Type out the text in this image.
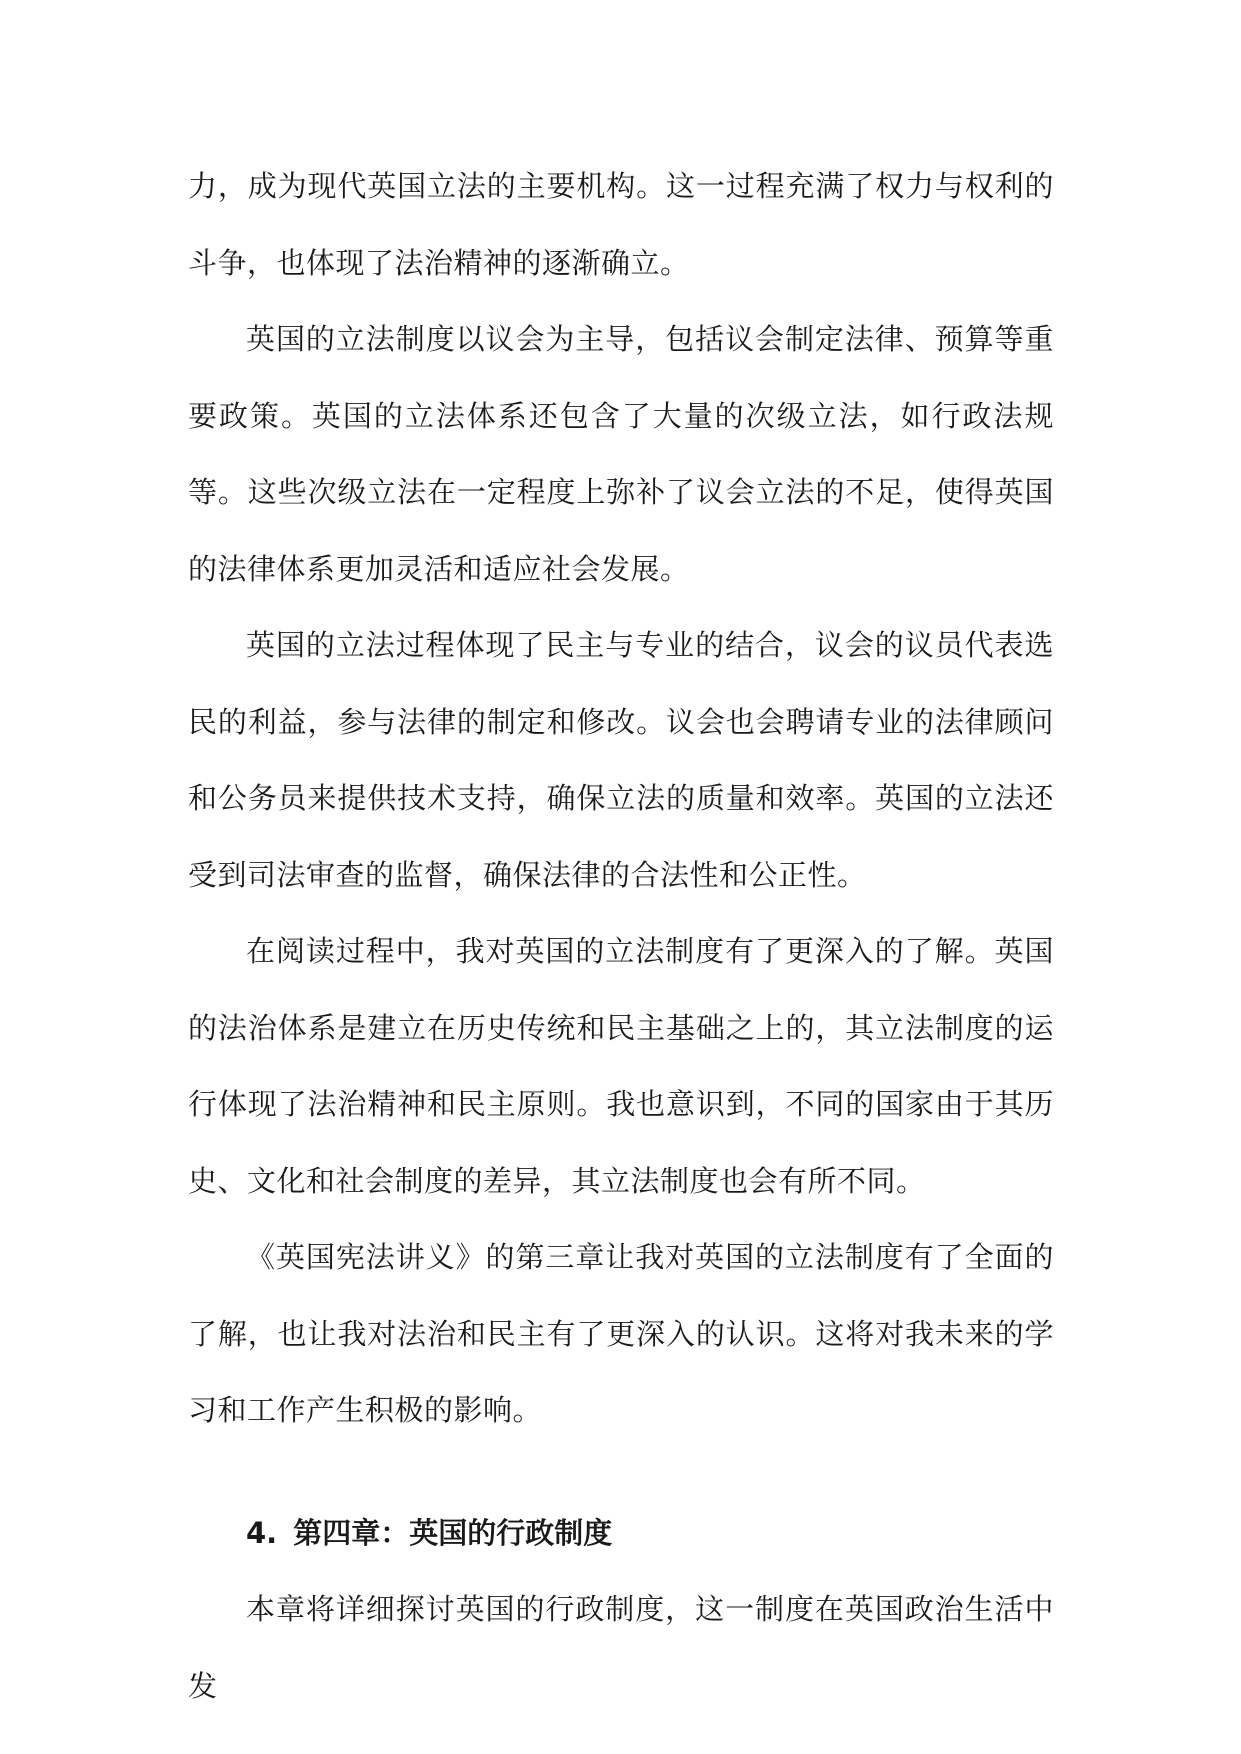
力，成为现代英国立法的主要机构。这一过程充满了权力与权利的斗争，也体现了法治精神的逐渐确立。

英国的立法制度以议会为主导，包括议会制定法律、预算等重要政策。英国的立法体系还包含了大量的次级立法，如行政法规等。这些次级立法在一定程度上弥补了议会立法的不足，使得英国的法律体系更加灵活和适应社会发展。

英国的立法过程体现了民主与专业的结合，议会的议员代表选民的利益，参与法律的制定和修改。议会也会聘请专业的法律顾问和公务员来提供技术支持，确保立法的质量和效率。英国的立法还受到司法审查的监督，确保法律的合法性和公正性。

在阅读过程中，我对英国的立法制度有了更深入的了解。英国的法治体系是建立在历史传统和民主基础之上的，其立法制度的运行体现了法治精神和民主原则。我也意识到，不同的国家由于其历史、文化和社会制度的差异，其立法制度也会有所不同。

《英国宪法讲义》的第三章让我对英国的立法制度有了全面的了解，也让我对法治和民主有了更深入的认识。这将对我未来的学习和工作产生积极的影响。

4. 第四章：英国的行政制度

本章将详细探讨英国的行政制度，这一制度在英国政治生活中发
